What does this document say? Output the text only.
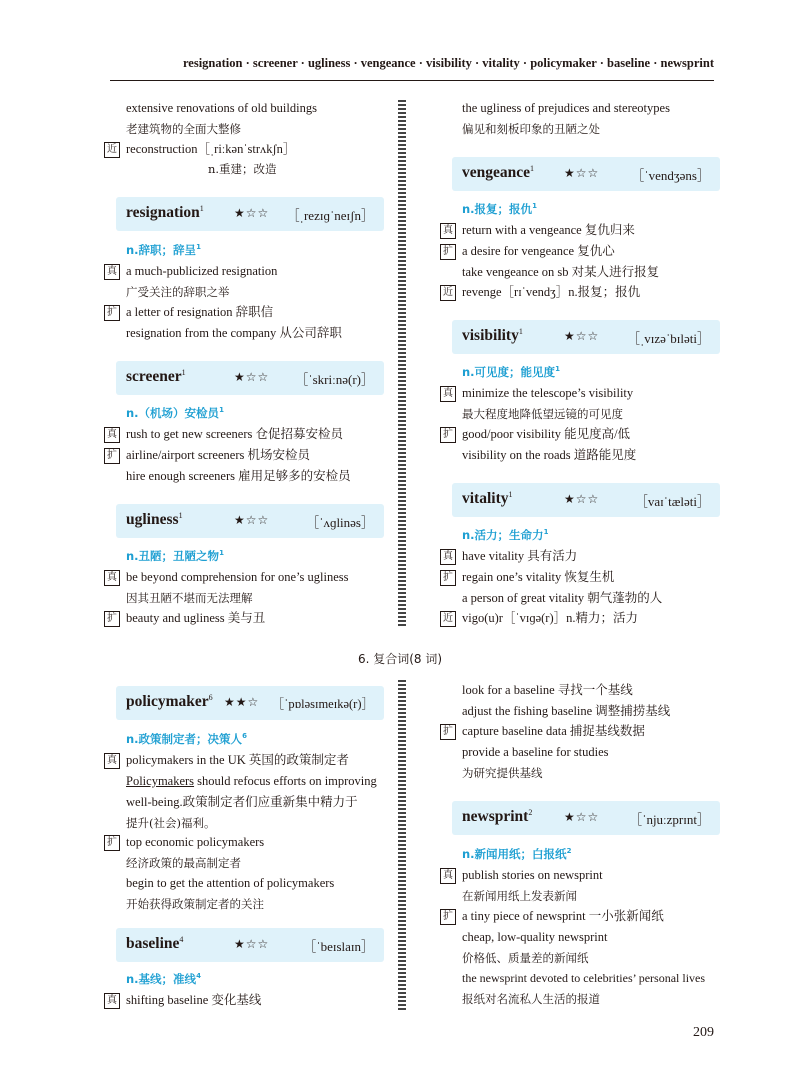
resignation · screener · ugliness · vengeance · visibility · vitality · policymaker · baseline · newsprint
extensive renovations of old buildings
老建筑物的全面大整修
近 reconstruction［ˌriːkənˈstrʌkʃn］
n.重建；改造
resignation$^1$	★☆☆ ［ˌrezɪɡˈneɪʃn］
n.辞职；辞呈$^1$
真 a much-publicized resignation
广受关注的辞职之举
扩 a letter of resignation 辞职信
resignation from the company 从公司辞职
screener$^1$	★☆☆ ［ˈskriːnə(r)］
n.（机场）安检员$^1$
真 rush to get new screeners 仓促招募安检员
扩 airline/airport screeners 机场安检员
hire enough screeners 雇用足够多的安检员
ugliness$^1$	★☆☆	［ˈʌɡlinəs］
n.丑陋；丑陋之物$^1$
真 be beyond comprehension for one’s ugliness
因其丑陋不堪而无法理解
扩 beauty and ugliness 美与丑
the ugliness of prejudices and stereotypes
偏见和刻板印象的丑陋之处
vengeance$^1$ ★☆☆ ［ˈvendʒəns］
n.报复；报仇$^1$
真 return with a vengeance 复仇归来
扩 a desire for vengeance 复仇心
take vengeance on sb 对某人进行报复
近 revenge［rɪˈvendʒ］n.报复；报仇
visibility$^1$	★☆☆ ［ˌvɪzəˈbɪləti］
n.可见度；能见度$^1$
真 minimize the telescope’s visibility
最大程度地降低望远镜的可见度
扩 good/poor visibility 能见度高/低
visibility on the roads 道路能见度
vitality$^1$	★☆☆	［vaɪˈtæləti］
n.活力；生命力$^1$
真 have vitality 具有活力
扩 regain one’s vitality 恢复生机
a person of great vitality 朝气蓬勃的人
近 vigo(u)r［ˈvɪɡə(r)］n.精力；活力
6. 复合词(8 词)
policymaker$^6$ ★★☆ ［ˈpɒləsɪmeɪkə(r)］
n.政策制定者；决策人$^6$
真 policymakers in the UK 英国的政策制定者
Policymakers should refocus efforts on improving
well-being.政策制定者们应重新集中精力于
提升(社会)福利。
扩 top economic policymakers
经济政策的最高制定者
begin to get the attention of policymakers
开始获得政策制定者的关注
baseline$^4$	★☆☆	［ˈbeɪslaɪn］
n.基线；准线$^4$
真 shifting baseline 变化基线
look for a baseline 寻找一个基线
adjust the fishing baseline 调整捕捞基线
扩 capture baseline data 捕捉基线数据
provide a baseline for studies
为研究提供基线
newsprint$^2$	★☆☆ ［ˈnjuːzprɪnt］
n.新闻用纸；白报纸$^2$
真 publish stories on newsprint
在新闻用纸上发表新闻
扩 a tiny piece of newsprint 一小张新闻纸
cheap, low-quality newsprint
价格低、质量差的新闻纸
the newsprint devoted to celebrities’ personal lives
报纸对名流私人生活的报道
209
